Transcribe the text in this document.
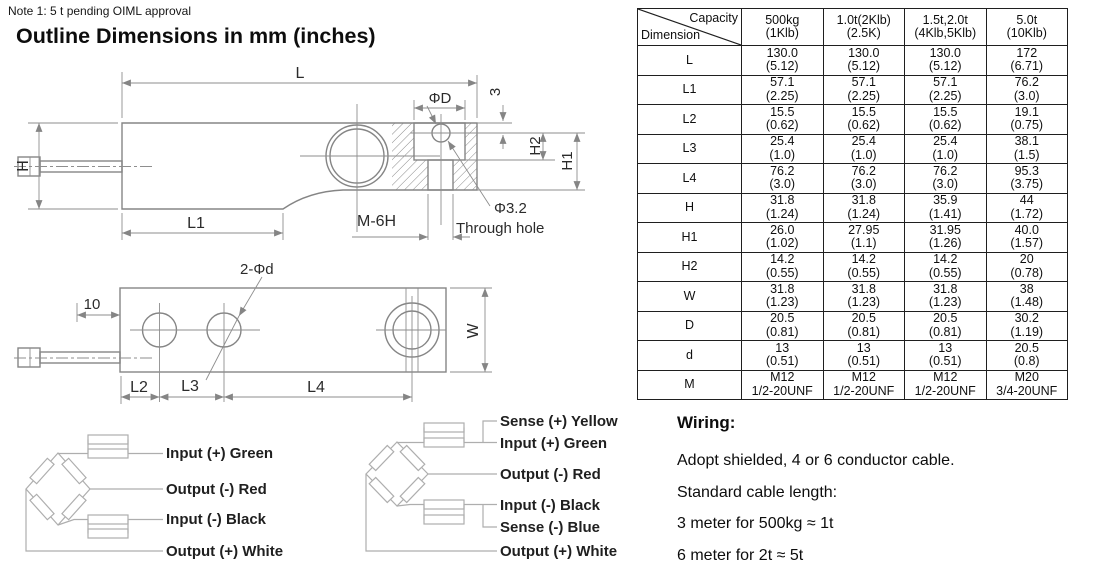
Note 1: 5 t pending OIML approval
Outline Dimensions in mm (inches)
L
H
L1
ΦD 3
H2
H1
M-6H
Φ3.2
Through hole
2-Φd
10
W
L2 L3	L4
Input (+) Green
Output (-) Red
Input (-) Black
Output (+) White
Sense (+) Yellow
Input (+) Green
Output (-) Red
Input (-) Black
Sense (-) Blue
Output (+) White
Capacity
Dimension

500kg
(1Klb)

1.0t(2Klb)
(2.5K)

1.5t,2.0t
(4Klb,5Klb)

5.0t
(10Klb)

L	130.0
(5.12)

130.0
(5.12)

130.0
(5.12)

172
(6.71)

L1	57.1
(2.25)

57.1
(2.25)

57.1
(2.25)

76.2
(3.0)

L2	15.5
(0.62)

15.5
(0.62)

15.5
(0.62)

19.1
(0.75)

L3	25.4
(1.0)

25.4
(1.0)

25.4
(1.0)

38.1
(1.5)

L4	76.2
(3.0)

76.2
(3.0)

76.2
(3.0)

95.3
(3.75)

H	31.8
(1.24)

31.8
(1.24)

35.9
(1.41)

44
(1.72)

H1	26.0
(1.02)

27.95
(1.1)

31.95
(1.26)

40.0
(1.57)

H2	14.2
(0.55)

14.2
(0.55)

14.2
(0.55)

20
(0.78)

W	31.8
(1.23)

31.8
(1.23)

31.8
(1.23)

38
(1.48)

D	20.5
(0.81)

20.5
(0.81)

20.5
(0.81)

30.2
(1.19)

d	13
(0.51)

13
(0.51)

13
(0.51)

20.5
(0.8)

M	M12
1/2-20UNF

M12
1/2-20UNF

M12
1/2-20UNF

M20
3/4-20UNF

Wiring:

Adopt shielded, 4 or 6 conductor cable.

Standard cable length:

3 meter for 500kg ≈ 1t

6 meter for 2t ≈ 5t
